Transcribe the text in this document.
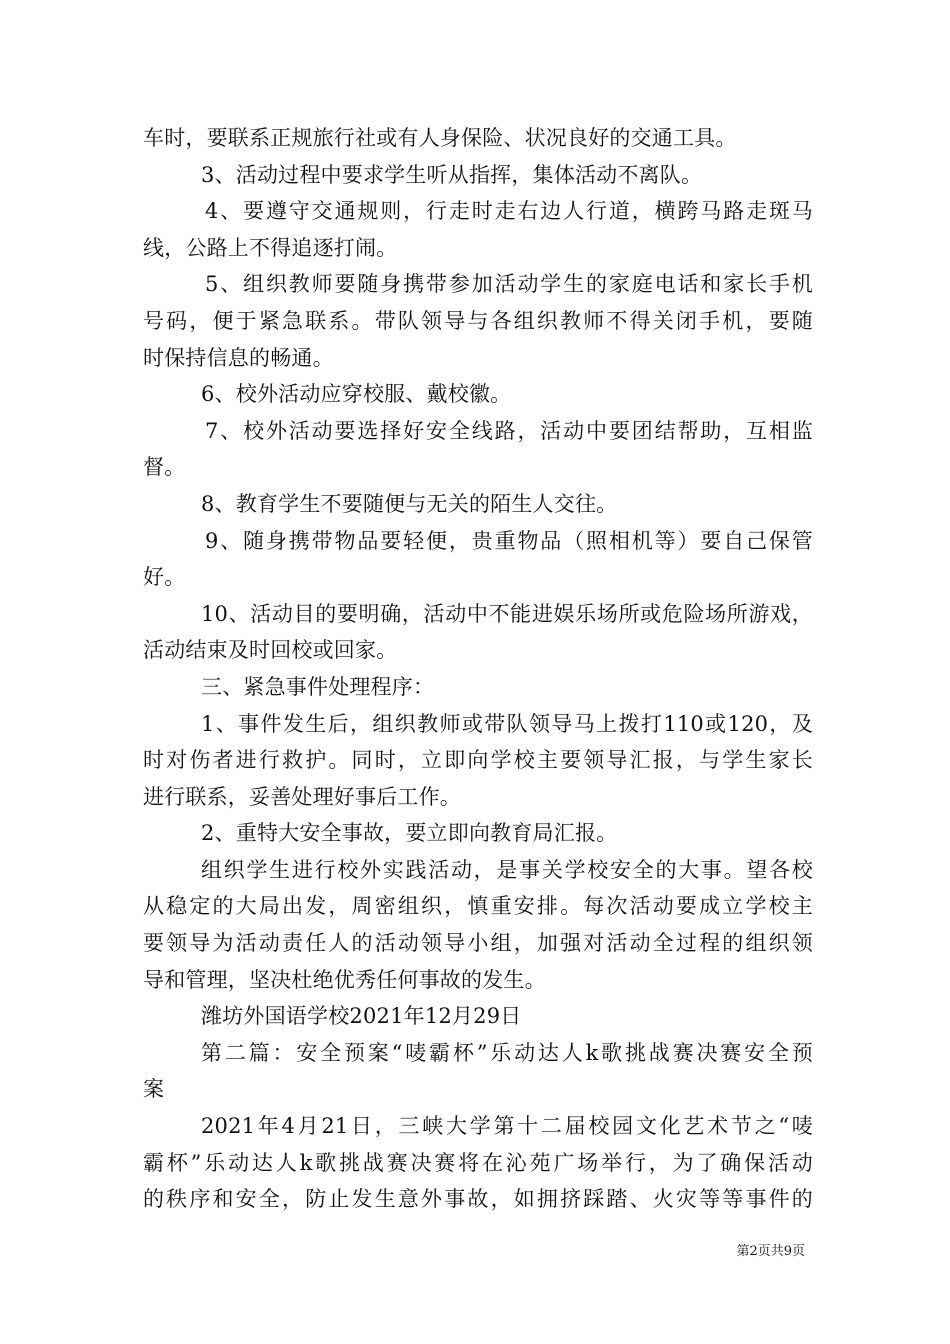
车时，要联系正规旅行社或有人身保险、状况良好的交通工具。
3、活动过程中要求学生听从指挥，集体活动不离队。
4、要遵守交通规则，行走时走右边人行道，横跨马路走斑马
线，公路上不得追逐打闹。
5、组织教师要随身携带参加活动学生的家庭电话和家长手机
号码，便于紧急联系。带队领导与各组织教师不得关闭手机，要随
时保持信息的畅通。
6、校外活动应穿校服、戴校徽。
7、校外活动要选择好安全线路，活动中要团结帮助，互相监
督。
8、教育学生不要随便与无关的陌生人交往。
9、随身携带物品要轻便，贵重物品（照相机等）要自己保管
好。
10、活动目的要明确，活动中不能进娱乐场所或危险场所游戏，
活动结束及时回校或回家。
三、紧急事件处理程序：
1、事件发生后，组织教师或带队领导马上拨打110或120，及
时对伤者进行救护。同时，立即向学校主要领导汇报，与学生家长
进行联系，妥善处理好事后工作。
2、重特大安全事故，要立即向教育局汇报。
组织学生进行校外实践活动，是事关学校安全的大事。望各校
从稳定的大局出发，周密组织，慎重安排。每次活动要成立学校主
要领导为活动责任人的活动领导小组，加强对活动全过程的组织领
导和管理，坚决杜绝优秀任何事故的发生。
潍坊外国语学校2021年12月29日
第二篇：安全预案“唛霸杯”乐动达人k歌挑战赛决赛安全预
案
2021年4月21日，三峡大学第十二届校园文化艺术节之“唛
霸杯”乐动达人k歌挑战赛决赛将在沁苑广场举行，为了确保活动
的秩序和安全，防止发生意外事故，如拥挤踩踏、火灾等等事件的
第2页共9页
